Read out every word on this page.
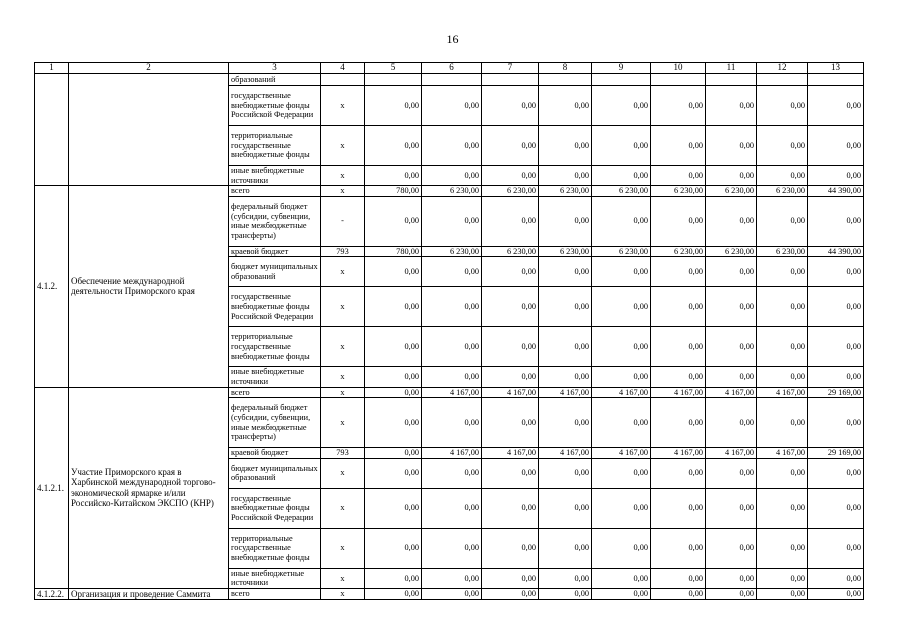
16
1	2	3	4	5	6	7	8	9	10	11	12	13
		образований										
		государственные внебюджетные фонды Российской Федерации	x	0,00	0,00	0,00	0,00	0,00	0,00	0,00	0,00	0,00
		территориальные государственные внебюджетные фонды	x	0,00	0,00	0,00	0,00	0,00	0,00	0,00	0,00	0,00
		иные внебюджетные источники	x	0,00	0,00	0,00	0,00	0,00	0,00	0,00	0,00	0,00
4.1.2.	Обеспечение международной деятельности Приморского края	всего	x	780,00	6 230,00	6 230,00	6 230,00	6 230,00	6 230,00	6 230,00	6 230,00	44 390,00
		федеральный бюджет (субсидии, субвенции, иные межбюджетные трансферты)	-	0,00	0,00	0,00	0,00	0,00	0,00	0,00	0,00	0,00
		краевой бюджет	793	780,00	6 230,00	6 230,00	6 230,00	6 230,00	6 230,00	6 230,00	6 230,00	44 390,00
		бюджет муниципальных образований	x	0,00	0,00	0,00	0,00	0,00	0,00	0,00	0,00	0,00
		государственные внебюджетные фонды Российской Федерации	x	0,00	0,00	0,00	0,00	0,00	0,00	0,00	0,00	0,00
		территориальные государственные внебюджетные фонды	x	0,00	0,00	0,00	0,00	0,00	0,00	0,00	0,00	0,00
		иные внебюджетные источники	x	0,00	0,00	0,00	0,00	0,00	0,00	0,00	0,00	0,00
4.1.2.1.	Участие Приморского края в Харбинской международной торгово-экономической ярмарке и/или Российско-Китайском ЭКСПО (КНР)	всего	x	0,00	4 167,00	4 167,00	4 167,00	4 167,00	4 167,00	4 167,00	4 167,00	29 169,00
		федеральный бюджет (субсидии, субвенции, иные межбюджетные трансферты)	x	0,00	0,00	0,00	0,00	0,00	0,00	0,00	0,00	0,00
		краевой бюджет	793	0,00	4 167,00	4 167,00	4 167,00	4 167,00	4 167,00	4 167,00	4 167,00	29 169,00
		бюджет муниципальных образований	x	0,00	0,00	0,00	0,00	0,00	0,00	0,00	0,00	0,00
		государственные внебюджетные фонды Российской Федерации	x	0,00	0,00	0,00	0,00	0,00	0,00	0,00	0,00	0,00
		территориальные государственные внебюджетные фонды	x	0,00	0,00	0,00	0,00	0,00	0,00	0,00	0,00	0,00
		иные внебюджетные источники	x	0,00	0,00	0,00	0,00	0,00	0,00	0,00	0,00	0,00
4.1.2.2.	Организация и проведение Саммита	всего	x	0,00	0,00	0,00	0,00	0,00	0,00	0,00	0,00	0,00
